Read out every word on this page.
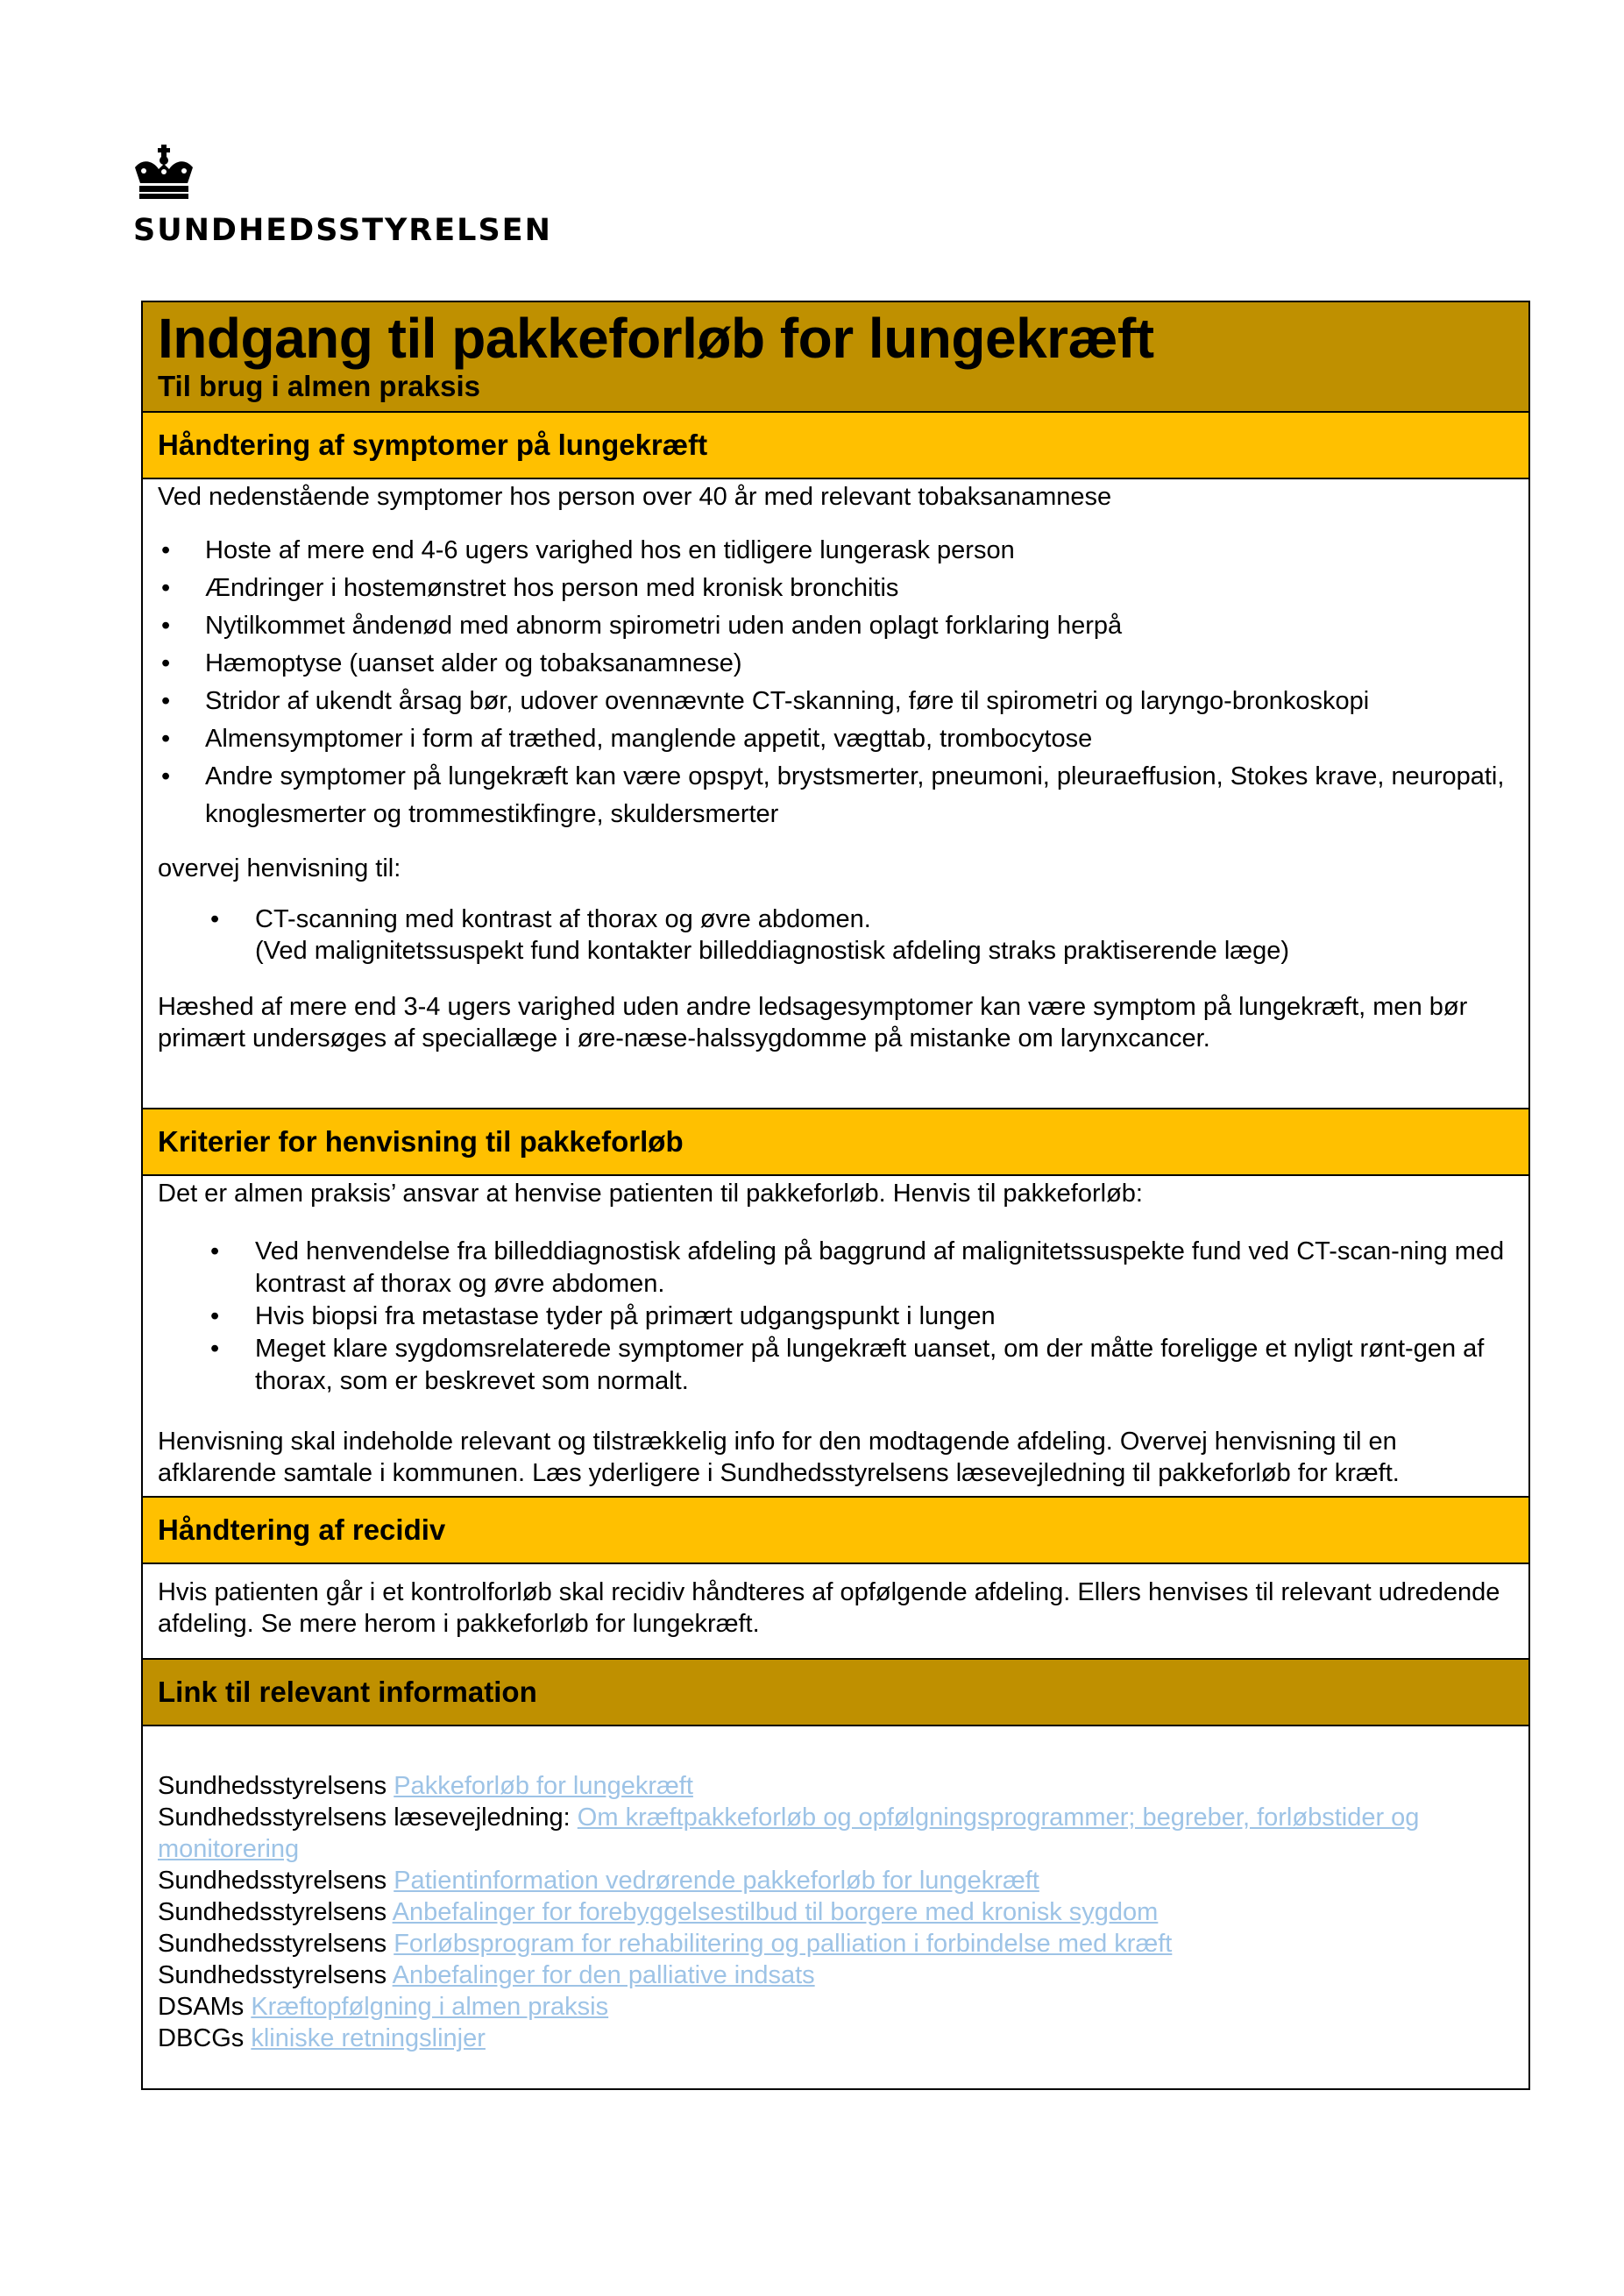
SUNDHEDSSTYRELSEN
Indgang til pakkeforløb for lungekræft
Til brug i almen praksis
Håndtering af symptomer på lungekræft

Ved nedenstående symptomer hos person over 40 år med relevant tobaksanamnese

• Hoste af mere end 4-6 ugers varighed hos en tidligere lungerask person
• Ændringer i hostemønstret hos person med kronisk bronchitis
• Nytilkommet åndenød med abnorm spirometri uden anden oplagt forklaring herpå
• Hæmoptyse (uanset alder og tobaksanamnese)
• Stridor af ukendt årsag bør, udover ovennævnte CT-skanning, føre til spirometri og laryngo-bronkoskopi
• Almensymptomer i form af træthed, manglende appetit, vægttab, trombocytose
• Andre symptomer på lungekræft kan være opspyt, brystsmerter, pneumoni, pleuraeffusion, Stokes krave, neuropati, knoglesmerter og trommestikfingre, skuldersmerter

overvej henvisning til:

• CT-scanning med kontrast af thorax og øvre abdomen.
(Ved malignitetssuspekt fund kontakter billeddiagnostisk afdeling straks praktiserende læge)

Hæshed af mere end 3-4 ugers varighed uden andre ledsagesymptomer kan være symptom på lungekræft, men bør primært undersøges af speciallæge i øre-næse-halssygdomme på mistanke om larynxcancer.

Kriterier for henvisning til pakkeforløb

Det er almen praksis’ ansvar at henvise patienten til pakkeforløb. Henvis til pakkeforløb:

• Ved henvendelse fra billeddiagnostisk afdeling på baggrund af malignitetssuspekte fund ved CT-scan-ning med kontrast af thorax og øvre abdomen.
• Hvis biopsi fra metastase tyder på primært udgangspunkt i lungen
• Meget klare sygdomsrelaterede symptomer på lungekræft uanset, om der måtte foreligge et nyligt rønt-gen af thorax, som er beskrevet som normalt.

Henvisning skal indeholde relevant og tilstrækkelig info for den modtagende afdeling. Overvej henvisning til en afklarende samtale i kommunen. Læs yderligere i Sundhedsstyrelsens læsevejledning til pakkeforløb for kræft.

Håndtering af recidiv

Hvis patienten går i et kontrolforløb skal recidiv håndteres af opfølgende afdeling. Ellers henvises til relevant udredende afdeling. Se mere herom i pakkeforløb for lungekræft.

Link til relevant information
Sundhedsstyrelsens Pakkeforløb for lungekræft
Sundhedsstyrelsens læsevejledning: Om kræftpakkeforløb og opfølgningsprogrammer; begreber, forløbstider og monitorering
Sundhedsstyrelsens Patientinformation vedrørende pakkeforløb for lungekræft
Sundhedsstyrelsens Anbefalinger for forebyggelsestilbud til borgere med kronisk sygdom
Sundhedsstyrelsens Forløbsprogram for rehabilitering og palliation i forbindelse med kræft
Sundhedsstyrelsens Anbefalinger for den palliative indsats
DSAMs Kræftopfølgning i almen praksis
DBCGs kliniske retningslinjer
